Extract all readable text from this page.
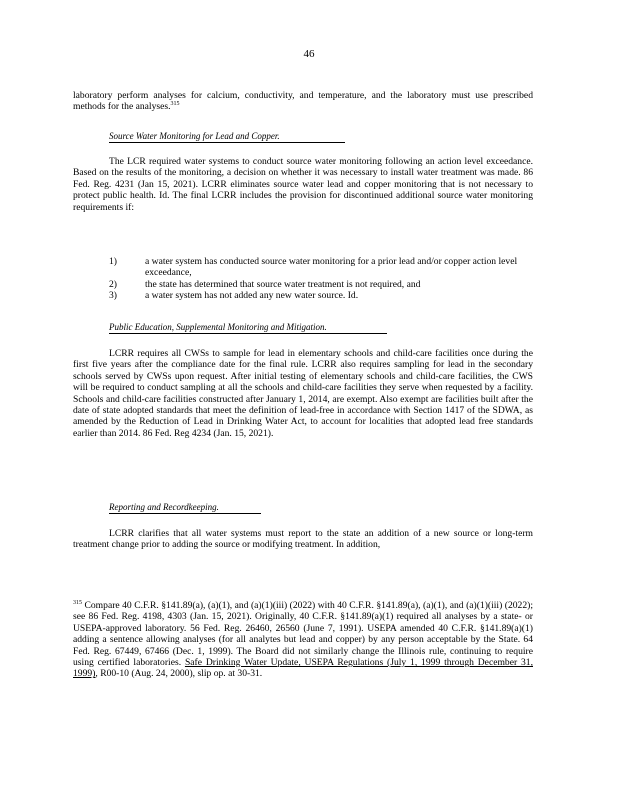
46

laboratory perform analyses for calcium, conductivity, and temperature, and the laboratory must use prescribed methods for the analyses.$^{315}$

Source Water Monitoring for Lead and Copper.

The LCR required water systems to conduct source water monitoring following an action level exceedance. Based on the results of the monitoring, a decision on whether it was necessary to install water treatment was made. 86 Fed. Reg. 4231 (Jan 15, 2021). LCRR eliminates source water lead and copper monitoring that is not necessary to protect public health. Id. The final LCRR includes the provision for discontinued additional source water monitoring requirements if:

1)	a water system has conducted source water monitoring for a prior lead and/or copper action level exceedance,
2)	the state has determined that source water treatment is not required, and
3)	a water system has not added any new water source. Id.
Public Education, Supplemental Monitoring and Mitigation.

LCRR requires all CWSs to sample for lead in elementary schools and child-care facilities once during the first five years after the compliance date for the final rule. LCRR also requires sampling for lead in the secondary schools served by CWSs upon request. After initial testing of elementary schools and child-care facilities, the CWS will be required to conduct sampling at all the schools and child-care facilities they serve when requested by a facility. Schools and child-care facilities constructed after January 1, 2014, are exempt. Also exempt are facilities built after the date of state adopted standards that meet the definition of lead-free in accordance with Section 1417 of the SDWA, as amended by the Reduction of Lead in Drinking Water Act, to account for localities that adopted lead free standards earlier than 2014. 86 Fed. Reg 4234 (Jan. 15, 2021).

Reporting and Recordkeeping.

LCRR clarifies that all water systems must report to the state an addition of a new source or long-term treatment change prior to adding the source or modifying treatment. In addition,

$^{315}$ Compare 40 C.F.R. §141.89(a), (a)(1), and (a)(1)(iii) (2022) with 40 C.F.R. §141.89(a), (a)(1), and (a)(1)(iii) (2022); see 86 Fed. Reg. 4198, 4303 (Jan. 15, 2021). Originally, 40 C.F.R. §141.89(a)(1) required all analyses by a state- or USEPA-approved laboratory. 56 Fed. Reg. 26460, 26560 (June 7, 1991). USEPA amended 40 C.F.R. §141.89(a)(1) adding a sentence allowing analyses (for all analytes but lead and copper) by any person acceptable by the State. 64 Fed. Reg. 67449, 67466 (Dec. 1, 1999). The Board did not similarly change the Illinois rule, continuing to require using certified laboratories. Safe Drinking Water Update, USEPA Regulations (July 1, 1999 through December 31, 1999), R00-10 (Aug. 24, 2000), slip op. at 30-31.
